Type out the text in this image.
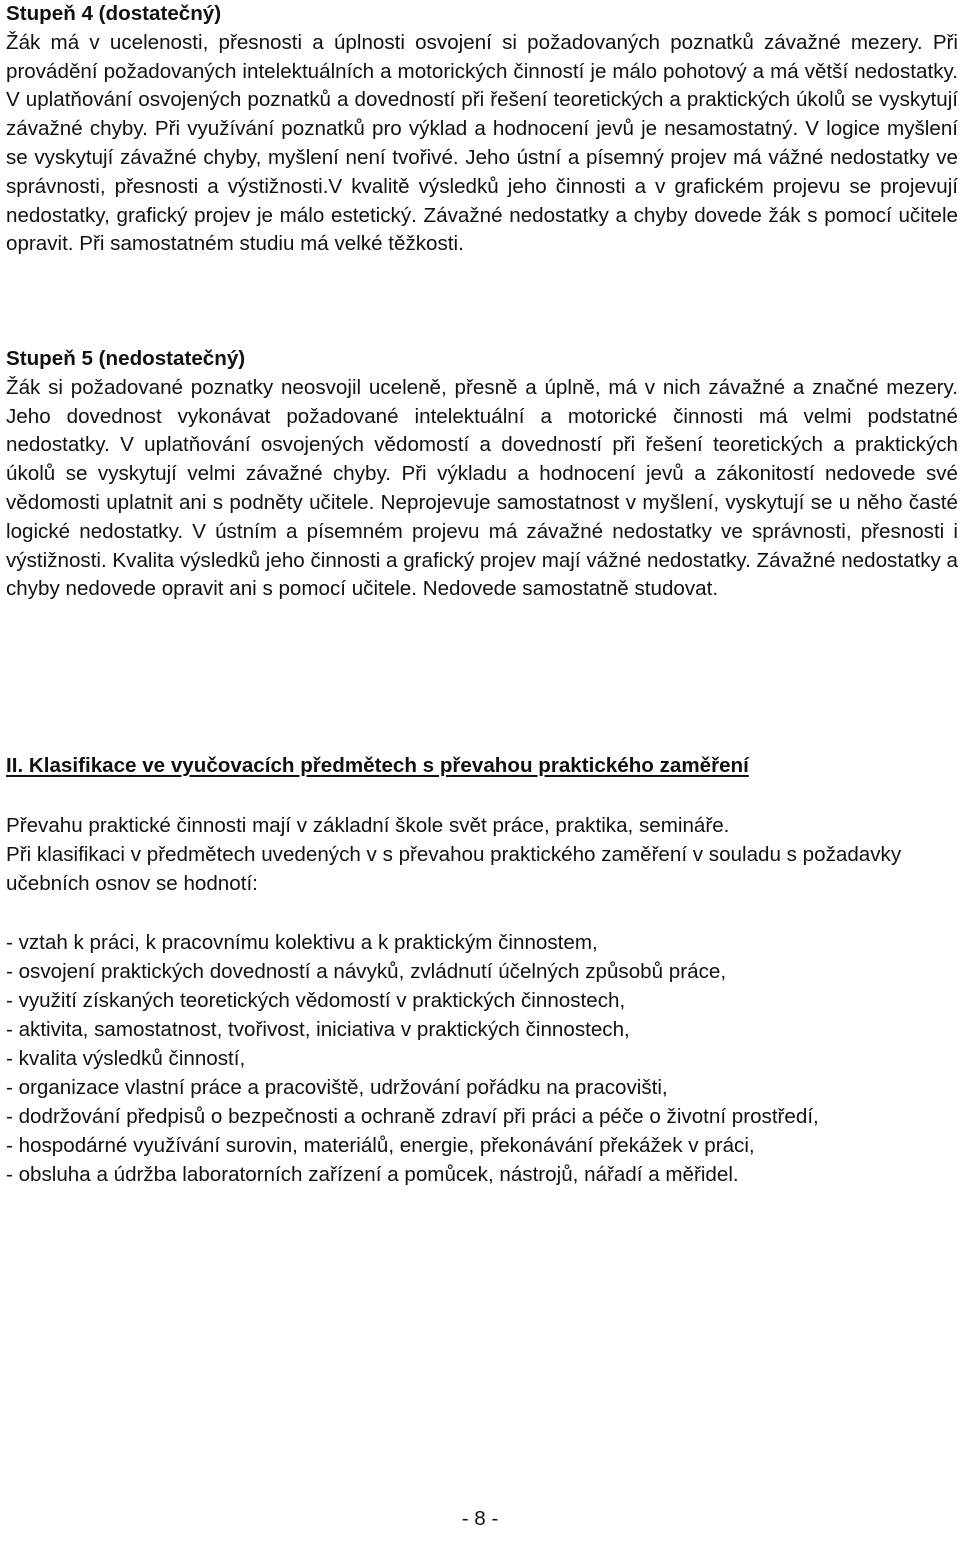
Stupeň 4 (dostatečný)

Žák má v ucelenosti, přesnosti a úplnosti osvojení si požadovaných poznatků závažné mezery. Při provádění požadovaných intelektuálních a motorických činností je málo pohotový a má větší nedostatky. V uplatňování osvojených poznatků a dovedností při řešení teoretických a praktických úkolů se vyskytují závažné chyby. Při využívání poznatků pro výklad a hodnocení jevů je nesamostatný. V logice myšlení se vyskytují závažné chyby, myšlení není tvořivé. Jeho ústní a písemný projev má vážné nedostatky ve správnosti, přesnosti a výstižnosti.V kvalitě výsledků jeho činnosti a v grafickém projevu se projevují nedostatky, grafický projev je málo estetický. Závažné nedostatky a chyby dovede žák s pomocí učitele opravit. Při samostatném studiu má velké těžkosti.

Stupeň 5 (nedostatečný)

Žák si požadované poznatky neosvojil uceleně, přesně a úplně, má v nich závažné a značné mezery. Jeho dovednost vykonávat požadované intelektuální a motorické činnosti má velmi podstatné nedostatky. V uplatňování osvojených vědomostí a dovedností při řešení teoretických a praktických úkolů se vyskytují velmi závažné chyby. Při výkladu a hodnocení jevů a zákonitostí nedovede své vědomosti uplatnit ani s podněty učitele. Neprojevuje samostatnost v myšlení, vyskytují se u něho časté logické nedostatky. V ústním a písemném projevu má závažné nedostatky ve správnosti, přesnosti i výstižnosti. Kvalita výsledků jeho činnosti a grafický projev mají vážné nedostatky. Závažné nedostatky a chyby nedovede opravit ani s pomocí učitele. Nedovede samostatně studovat.

II. Klasifikace ve vyučovacích předmětech s převahou praktického zaměření

Převahu praktické činnosti mají v základní škole svět práce, praktika, semináře.

Při klasifikaci v předmětech uvedených v s převahou praktického zaměření v souladu s požadavky učebních osnov se hodnotí:

- vztah k práci, k pracovnímu kolektivu a k praktickým činnostem,
- osvojení praktických dovedností a návyků, zvládnutí účelných způsobů práce,
- využití získaných teoretických vědomostí v praktických činnostech,
- aktivita, samostatnost, tvořivost, iniciativa v praktických činnostech,
- kvalita výsledků činností,
- organizace vlastní práce a pracoviště, udržování pořádku na pracovišti,
- dodržování předpisů o bezpečnosti a ochraně zdraví při práci a péče o životní prostředí,
- hospodárné využívání surovin, materiálů, energie, překonávání překážek v práci,
- obsluha a údržba laboratorních zařízení a pomůcek, nástrojů, nářadí a měřidel.
- 8 -
